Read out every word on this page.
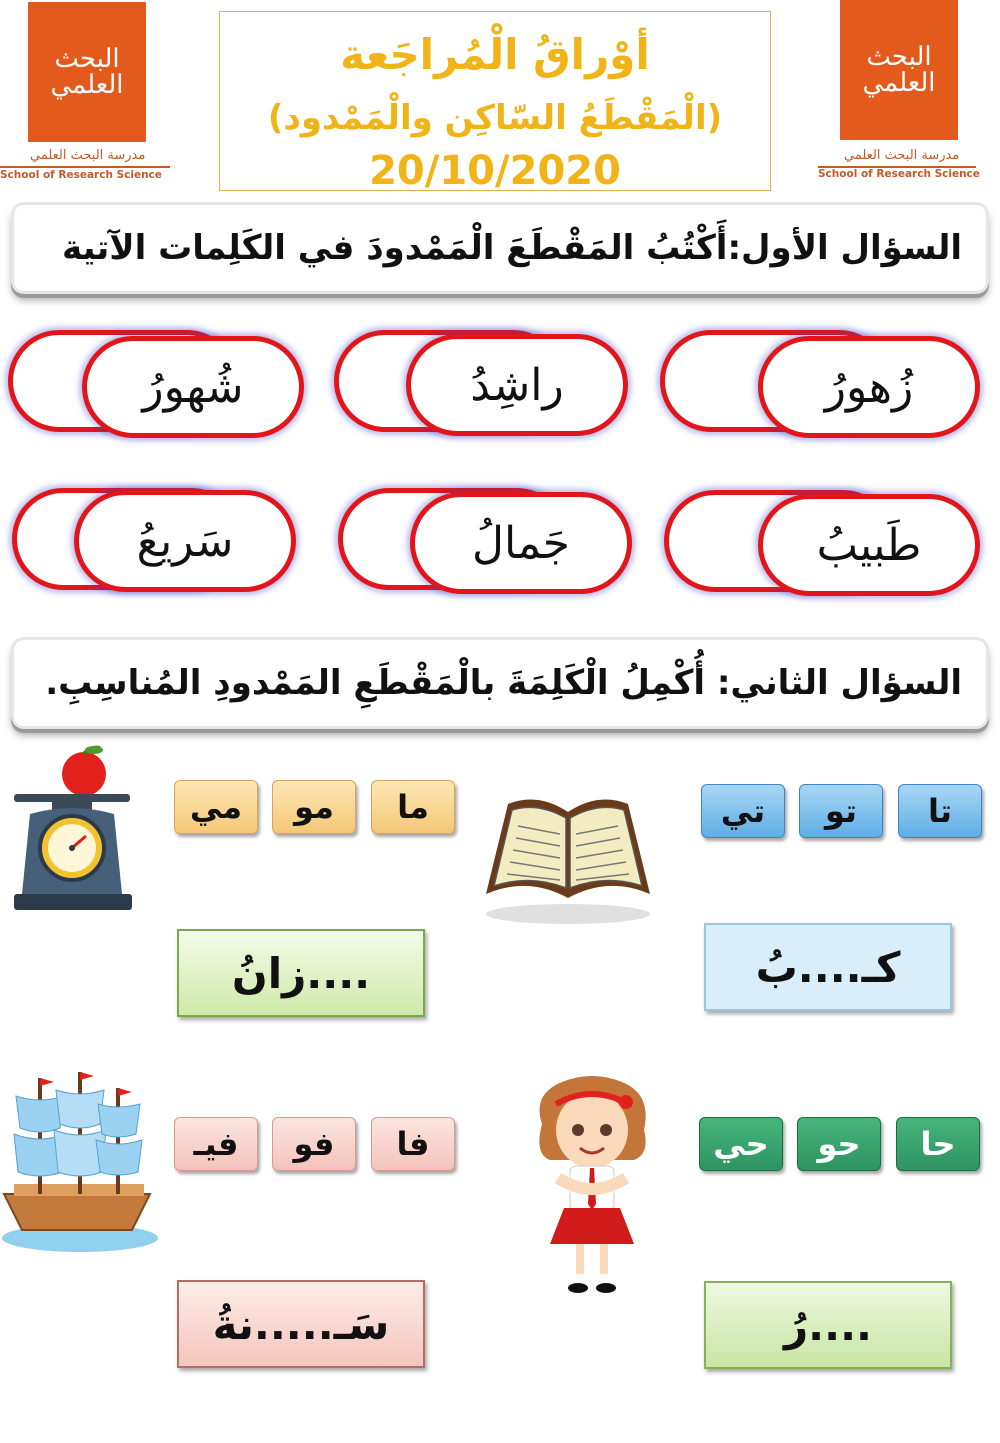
البحث العلمي
مدرسة البحث العلمي
School of Research Science
البحث العلمي
مدرسة البحث العلمي
School of Research Science
أوْراقُ الْمُراجَعة
(الْمَقْطَعُ السّاكِن والْمَمْدود)
20/10/2020
السؤال الأول:أَكْتُبُ المَقْطَعَ الْمَمْدودَ في الكَلِمات الآتية
زُهورُ
راشِدُ
شُهورُ
طَبيبُ
جَمالُ
سَريعُ
السؤال الثاني: أُكْمِلُ الْكَلِمَةَ بالْمَقْطَعِ المَمْدودِ المُناسِبِ.
تا
تو
تي
كـ....بُ
ما
مو
مي
....زانُ
حا
حو
حي
....رُ
فا
فو
فيـ
سَـ.....نةُ
